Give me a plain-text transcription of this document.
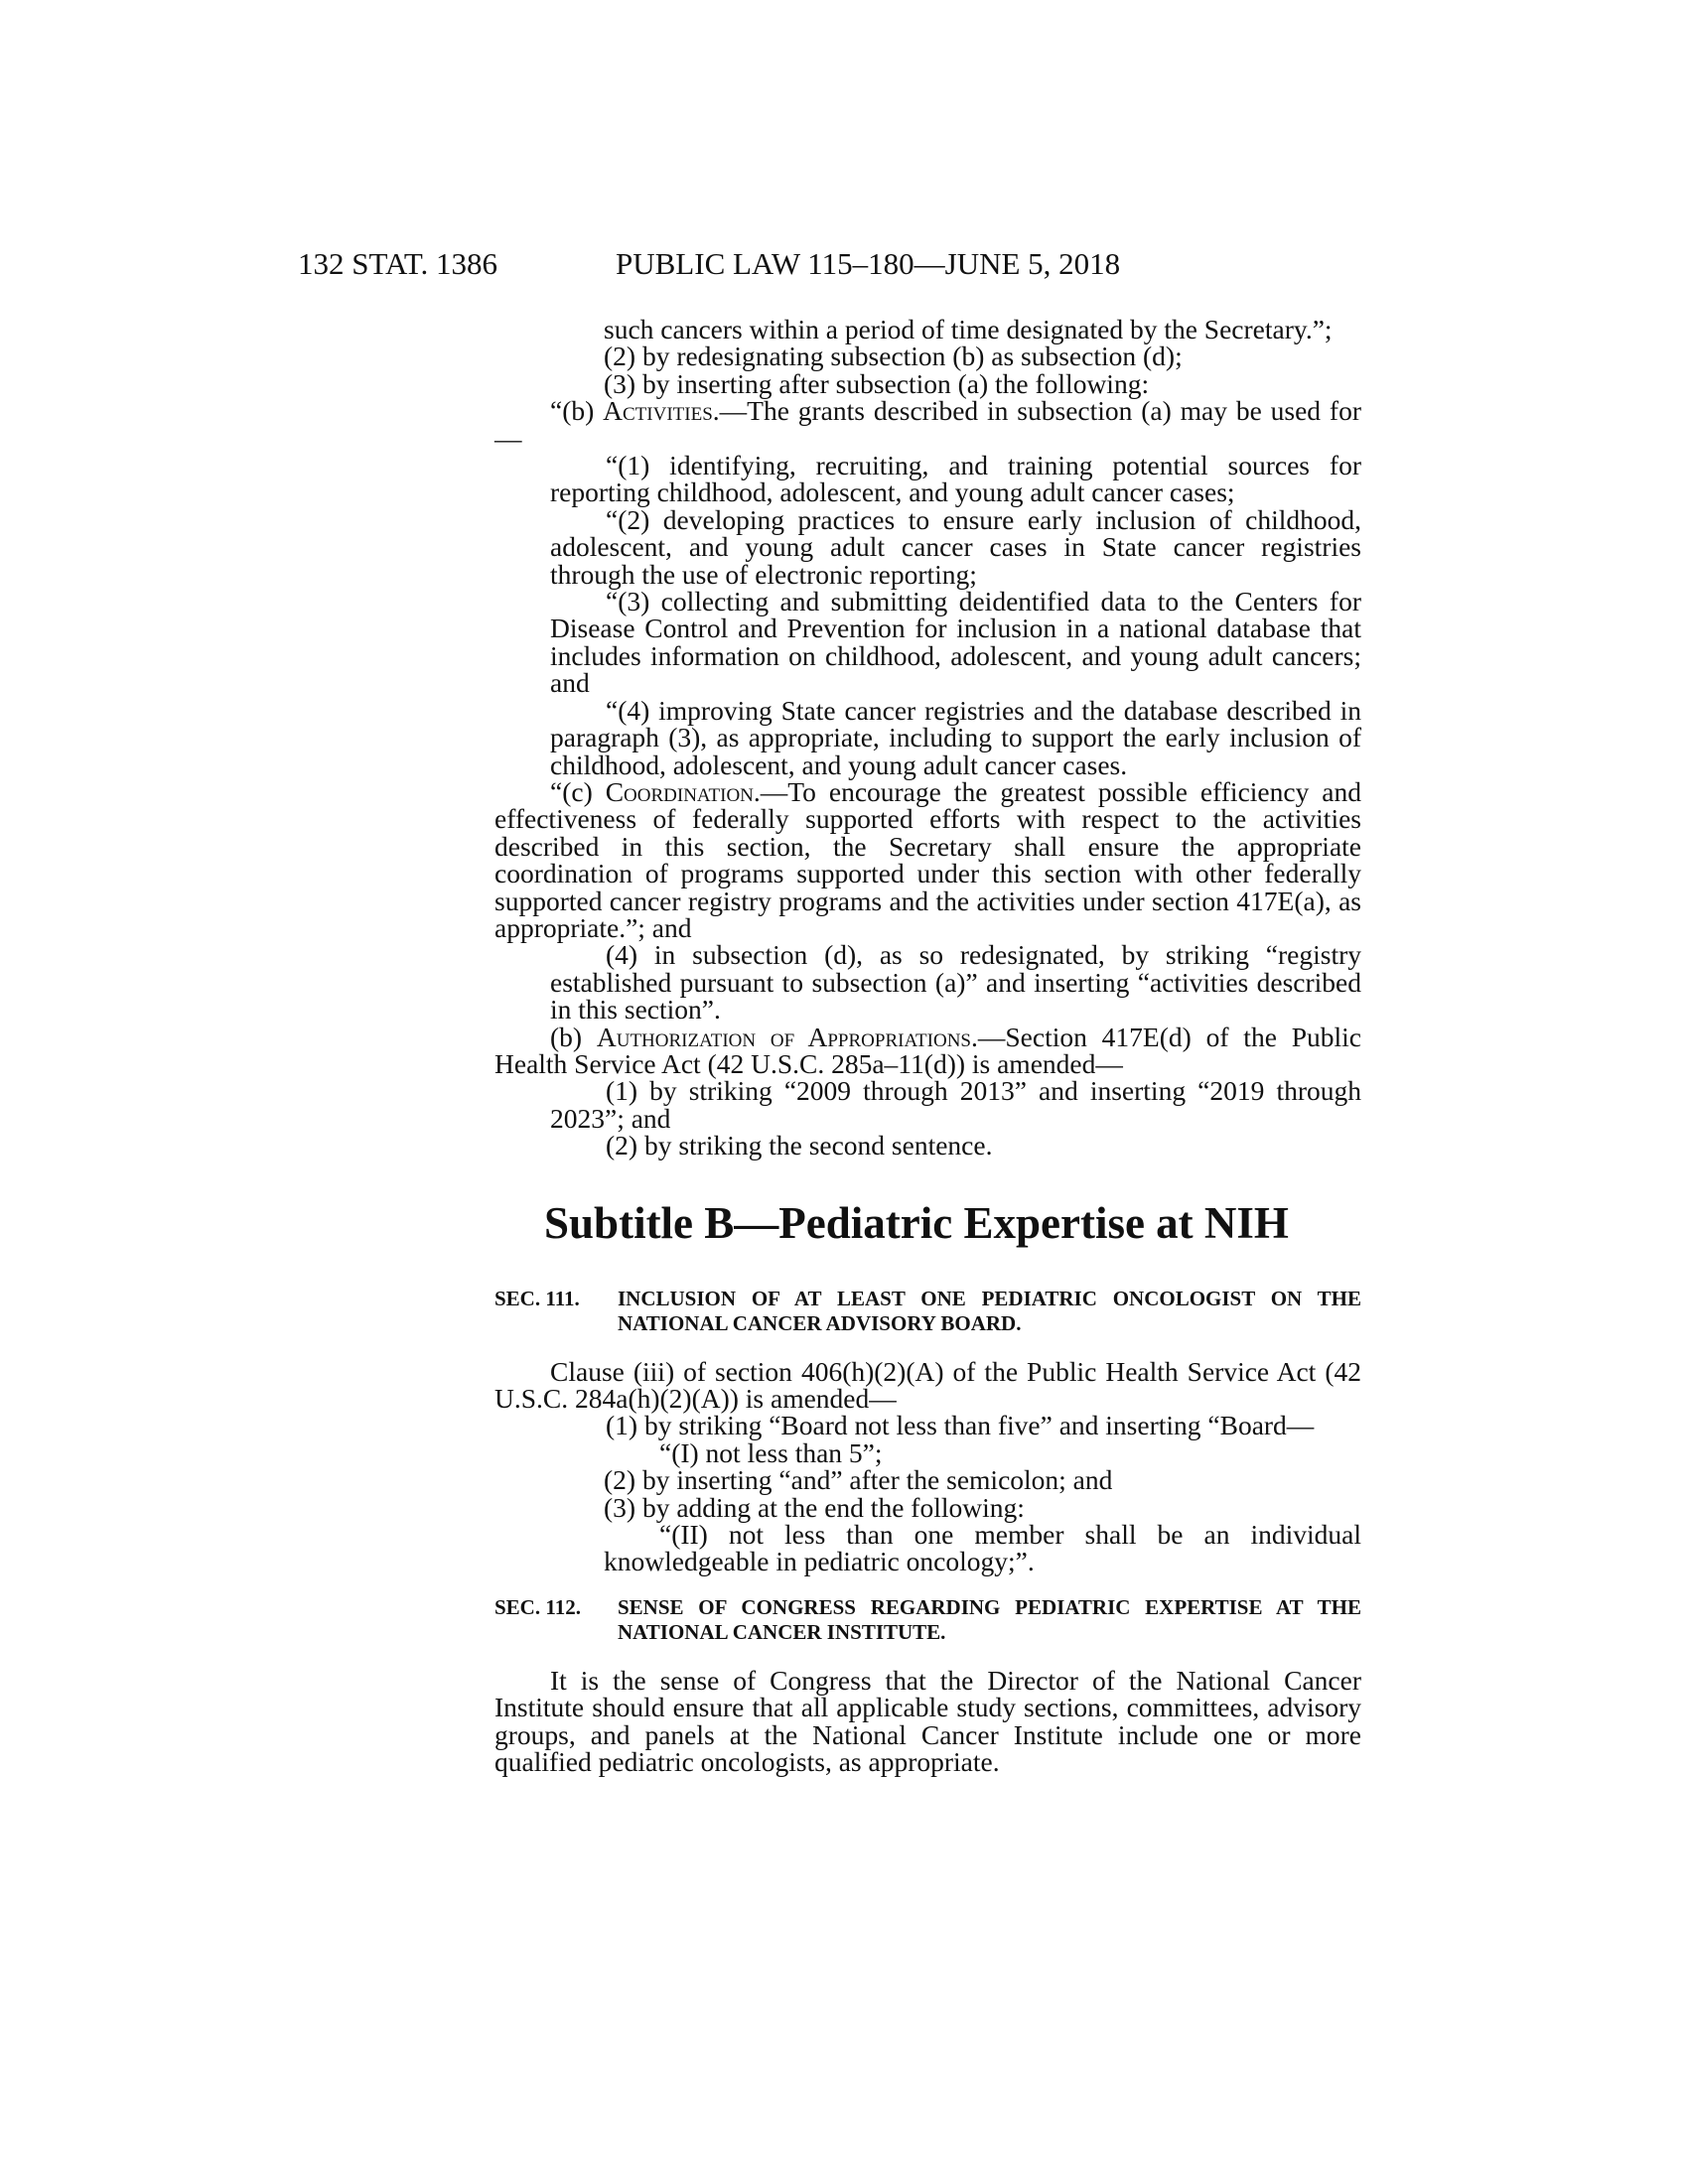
132 STAT. 1386	PUBLIC LAW 115–180—JUNE 5, 2018

such cancers within a period of time designated by the Secretary.”;

(2) by redesignating subsection (b) as subsection (d);

(3) by inserting after subsection (a) the following:

“(b) Activities.—The grants described in subsection (a) may be used for—

“(1) identifying, recruiting, and training potential sources for reporting childhood, adolescent, and young adult cancer cases;

“(2) developing practices to ensure early inclusion of childhood, adolescent, and young adult cancer cases in State cancer registries through the use of electronic reporting;

“(3) collecting and submitting deidentified data to the Centers for Disease Control and Prevention for inclusion in a national database that includes information on childhood, adolescent, and young adult cancers; and

“(4) improving State cancer registries and the database described in paragraph (3), as appropriate, including to support the early inclusion of childhood, adolescent, and young adult cancer cases.

“(c) Coordination.—To encourage the greatest possible efficiency and effectiveness of federally supported efforts with respect to the activities described in this section, the Secretary shall ensure the appropriate coordination of programs supported under this section with other federally supported cancer registry programs and the activities under section 417E(a), as appropriate.”; and

(4) in subsection (d), as so redesignated, by striking “registry established pursuant to subsection (a)” and inserting “activities described in this section”.

(b) Authorization of Appropriations.—Section 417E(d) of the Public Health Service Act (42 U.S.C. 285a–11(d)) is amended—

(1) by striking “2009 through 2013” and inserting “2019 through 2023”; and

(2) by striking the second sentence.

Subtitle B—Pediatric Expertise at NIH

SEC. 111. INCLUSION OF AT LEAST ONE PEDIATRIC ONCOLOGIST ON THE NATIONAL CANCER ADVISORY BOARD.

Clause (iii) of section 406(h)(2)(A) of the Public Health Service Act (42 U.S.C. 284a(h)(2)(A)) is amended—

(1) by striking “Board not less than five” and inserting “Board—

“(I) not less than 5”;

(2) by inserting “and” after the semicolon; and

(3) by adding at the end the following:

“(II) not less than one member shall be an individual knowledgeable in pediatric oncology;”.

SEC. 112. SENSE OF CONGRESS REGARDING PEDIATRIC EXPERTISE AT THE NATIONAL CANCER INSTITUTE.

It is the sense of Congress that the Director of the National Cancer Institute should ensure that all applicable study sections, committees, advisory groups, and panels at the National Cancer Institute include one or more qualified pediatric oncologists, as appropriate.
